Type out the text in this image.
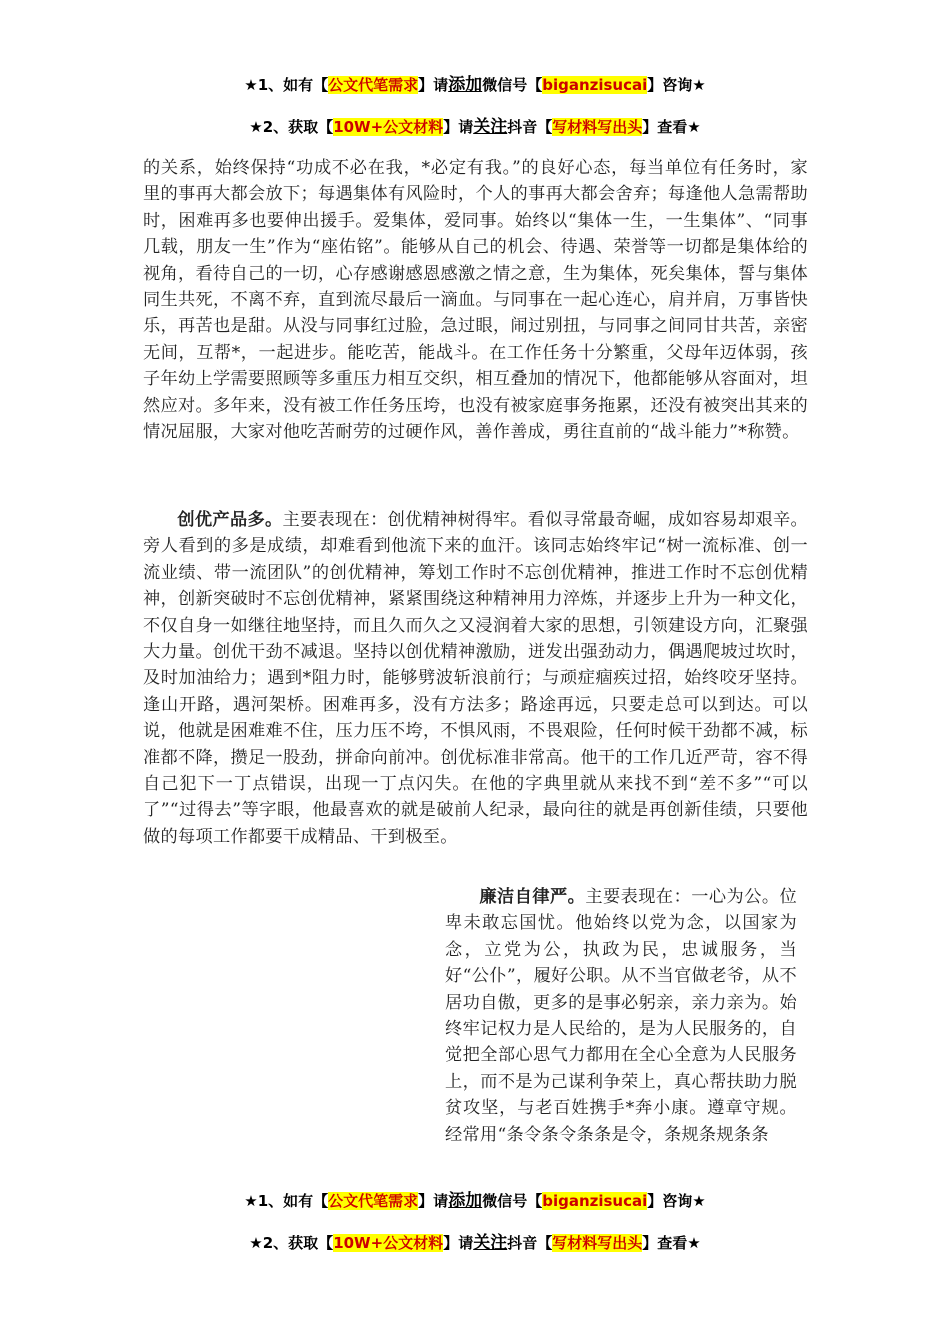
★1、如有【公文代笔需求】请添加微信号【biganzisucai】咨询★
★2、获取【10W+公文材料】请关注抖音【写材料写出头】查看★

的关系，始终保持“功成不必在我，*必定有我。”的良好心态，每当单位有任务时，家里的事再大都会放下；每遇集体有风险时，个人的事再大都会舍弃；每逢他人急需帮助时，困难再多也要伸出援手。爱集体，爱同事。始终以“集体一生，一生集体”、“同事几载，朋友一生”作为“座佑铭”。能够从自己的机会、待遇、荣誉等一切都是集体给的视角，看待自己的一切，心存感谢感恩感激之情之意，生为集体，死矣集体，誓与集体同生共死，不离不弃，直到流尽最后一滴血。与同事在一起心连心，肩并肩，万事皆快乐，再苦也是甜。从没与同事红过脸，急过眼，闹过别扭，与同事之间同甘共苦，亲密无间，互帮*，一起进步。能吃苦，能战斗。在工作任务十分繁重，父母年迈体弱，孩子年幼上学需要照顾等多重压力相互交织，相互叠加的情况下，他都能够从容面对，坦然应对。多年来，没有被工作任务压垮，也没有被家庭事务拖累，还没有被突出其来的情况屈服，大家对他吃苦耐劳的过硬作风，善作善成，勇往直前的“战斗能力”*称赞。

创优产品多。主要表现在：创优精神树得牢。看似寻常最奇崛，成如容易却艰辛。旁人看到的多是成绩，却难看到他流下来的血汗。该同志始终牢记“树一流标准、创一流业绩、带一流团队”的创优精神，筹划工作时不忘创优精神，推进工作时不忘创优精神，创新突破时不忘创优精神，紧紧围绕这种精神用力淬炼，并逐步上升为一种文化，不仅自身一如继往地坚持，而且久而久之又浸润着大家的思想，引领建设方向，汇聚强大力量。创优干劲不减退。坚持以创优精神激励，迸发出强劲动力，偶遇爬坡过坎时，及时加油给力；遇到*阻力时，能够劈波斩浪前行；与顽症痼疾过招，始终咬牙坚持。逢山开路，遇河架桥。困难再多，没有方法多；路途再远，只要走总可以到达。可以说，他就是困难难不住，压力压不垮，不惧风雨，不畏艰险，任何时候干劲都不减，标准都不降，攒足一股劲，拼命向前冲。创优标准非常高。他干的工作几近严苛，容不得自己犯下一丁点错误，出现一丁点闪失。在他的字典里就从来找不到“差不多”“可以了”“过得去”等字眼，他最喜欢的就是破前人纪录，最向往的就是再创新佳绩，只要他做的每项工作都要干成精品、干到极至。

廉洁自律严。主要表现在：一心为公。位卑未敢忘国忧。他始终以党为念，以国家为念，立党为公，执政为民，忠诚服务，当好“公仆”，履好公职。从不当官做老爷，从不居功自傲，更多的是事必躬亲，亲力亲为。始终牢记权力是人民给的，是为人民服务的，自觉把全部心思气力都用在全心全意为人民服务上，而不是为己谋利争荣上，真心帮扶助力脱贫攻坚，与老百姓携手*奔小康。遵章守规。经常用“条令条令条条是令，条规条规条条

★1、如有【公文代笔需求】请添加微信号【biganzisucai】咨询★
★2、获取【10W+公文材料】请关注抖音【写材料写出头】查看★
